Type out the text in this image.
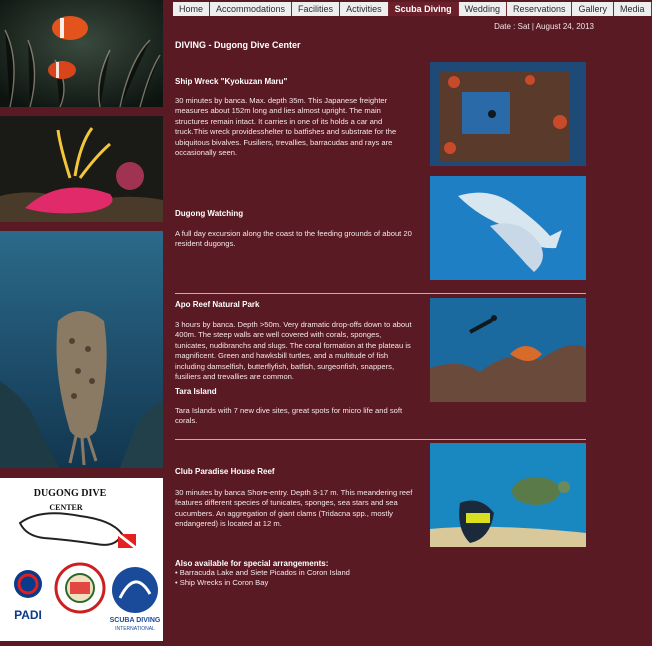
DUGONG DIVE
CENTER
PADI	SCUBA DIVING
INTERNATIONAL
Home	Accommodations	Facilities	Activities	Scuba Diving	Wedding	Reservations	Gallery	Media
Date : Sat | August 24, 2013
DIVING - Dugong Dive Center
Ship Wreck "Kyokuzan Maru"
30 minutes by banca. Max. depth 35m. This Japanese freighter measures about 152m long and lies almost upright. The main structures remain intact. It carries in one of its holds a car and truck.This wreck providesshelter to batfishes and substrate for the ubiquitous bivalves. Fusiliers, trevallies, barracudas and rays are occasionally seen.
Dugong Watching
A full day excursion along the coast to the feeding grounds of about 20 resident dugongs.
Apo Reef Natural Park
3 hours by banca. Depth >50m. Very dramatic drop-offs down to about 400m. The steep walls are well covered with corals, sponges, tunicates, nudibranchs and slugs. The coral formation at the plateau is magnificent. Green and hawksbill turtles, and a multitude of fish including damselfish, butterflyfish, batfish, surgeonfish, snappers, fusiliers and trevallies are common.
Tara Island
Tara Islands with 7 new dive sites, great spots for micro life and soft corals.
Club Paradise House Reef
30 minutes by banca Shore-entry. Depth 3-17 m. This meandering reef features different species of tunicates, sponges, sea stars and sea cucumbers. An aggregation of giant clams (Tridacna spp., mostly endangered) is located at 12 m.
Also available for special arrangements:
• Barracuda Lake and Siete Picados in Coron Island
• Ship Wrecks in Coron Bay
